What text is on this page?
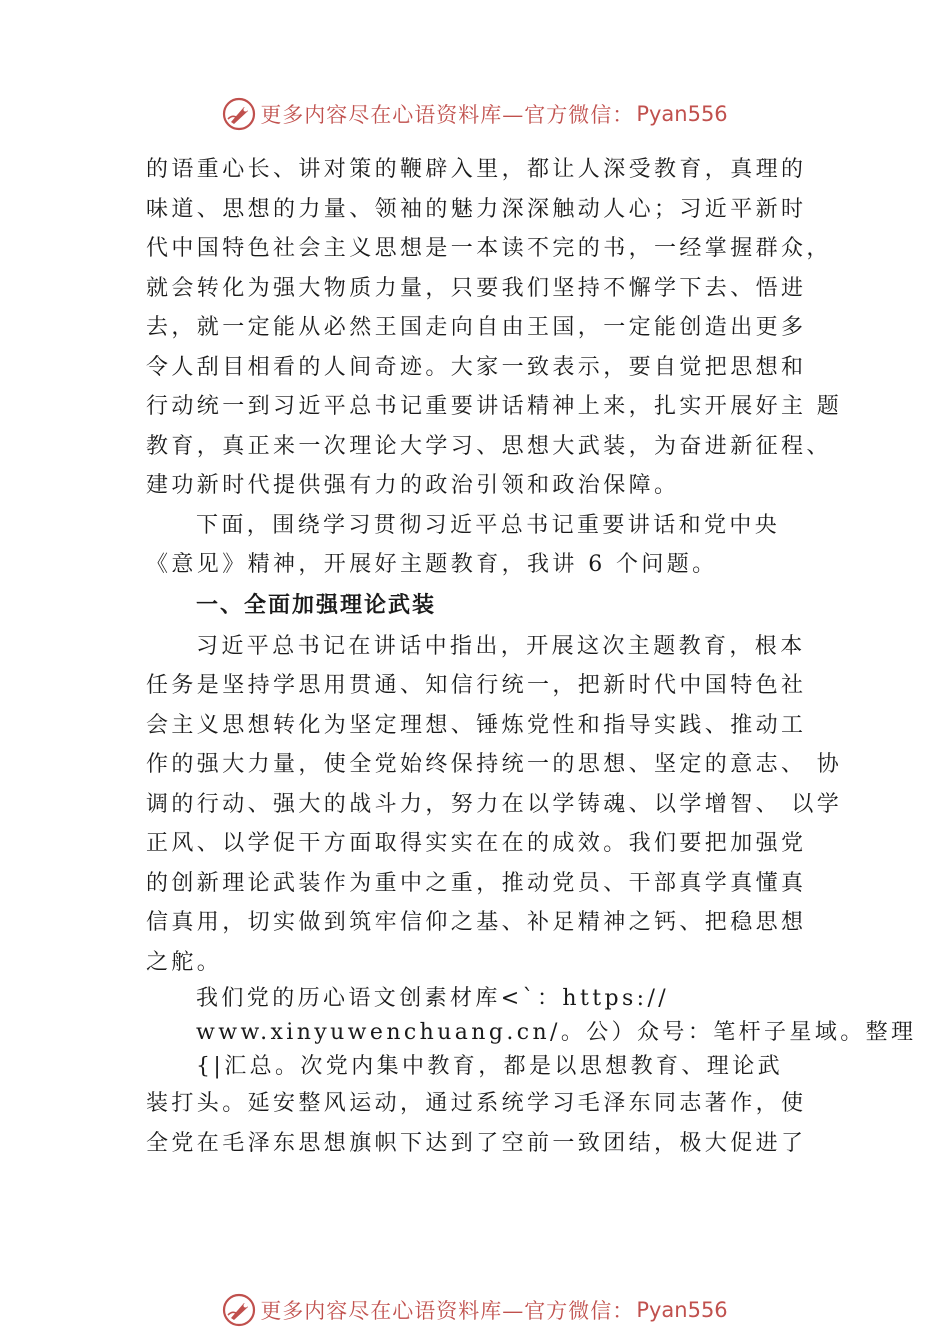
更多内容尽在心语资料库—官方微信： Pyan556
的语重心长、讲对策的鞭辟入里，都让人深受教育，真理的
味道、思想的力量、领袖的魅力深深触动人心；习近平新时
代中国特色社会主义思想是一本读不完的书，一经掌握群众，
就会转化为强大物质力量，只要我们坚持不懈学下去、悟进
去，就一定能从必然王国走向自由王国，一定能创造出更多
令人刮目相看的人间奇迹。大家一致表示，要自觉把思想和
行动统一到习近平总书记重要讲话精神上来，扎实开展好主 题
教育，真正来一次理论大学习、思想大武装，为奋进新征程、
建功新时代提供强有力的政治引领和政治保障。
下面，围绕学习贯彻习近平总书记重要讲话和党中央
《意见》精神，开展好主题教育，我讲 6 个问题。
一、全面加强理论武装
习近平总书记在讲话中指出，开展这次主题教育，根本
任务是坚持学思用贯通、知信行统一，把新时代中国特色社
会主义思想转化为坚定理想、锤炼党性和指导实践、推动工
作的强大力量，使全党始终保持统一的思想、坚定的意志、 协
调的行动、强大的战斗力，努力在以学铸魂、以学增智、 以学
正风、以学促干方面取得实实在在的成效。我们要把加强党
的创新理论武装作为重中之重，推动党员、干部真学真懂真
信真用，切实做到筑牢信仰之基、补足精神之钙、把稳思想
之舵。
我们党的历心语文创素材库<`：https://
www.xinyuwenchuang.cn/。公）众号：笔杆子星域。整理
{|汇总。次党内集中教育，都是以思想教育、理论武
装打头。延安整风运动，通过系统学习毛泽东同志著作，使
全党在毛泽东思想旗帜下达到了空前一致团结，极大促进了
更多内容尽在心语资料库—官方微信： Pyan556
